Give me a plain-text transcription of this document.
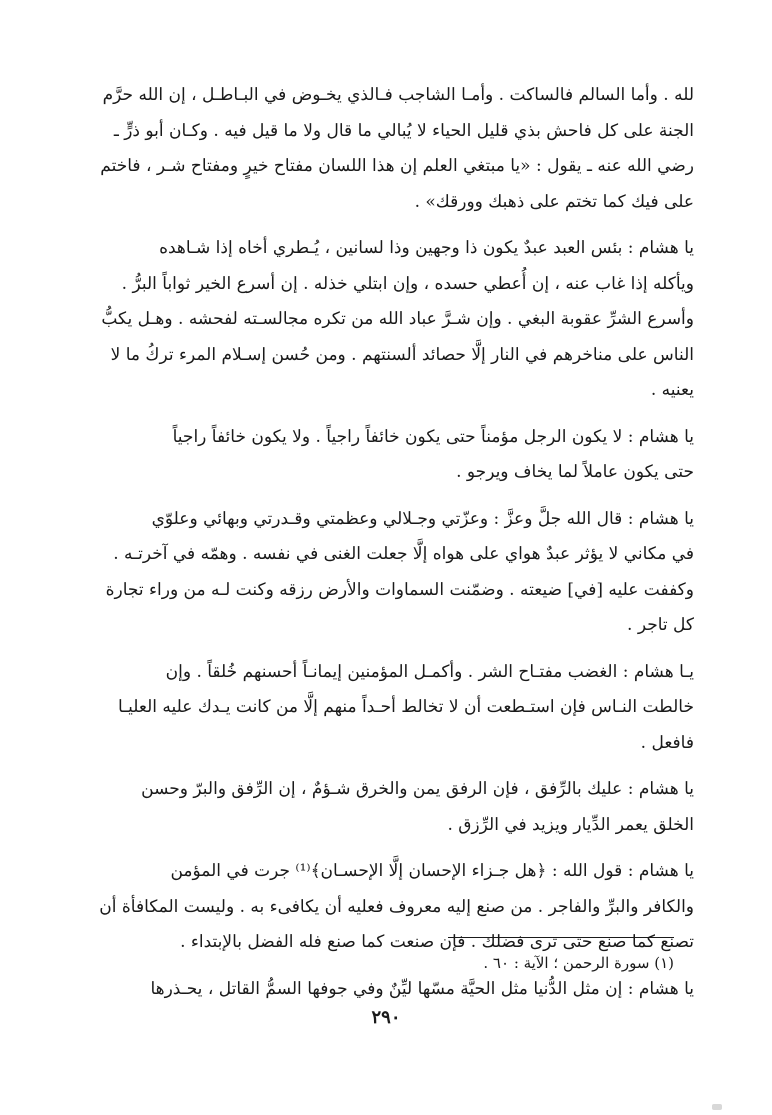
لله . وأما السالم فالساكت . وأمـا الشاجب فـالذي يخـوض في البـاطـل ، إن الله حرَّم
الجنة على كل فاحش بذي قليل الحياء لا يُبالي ما قال ولا ما قيل فيه . وكـان أبو ذرٍّ ـ
رضي الله عنه ـ يقول : «يا مبتغي العلم إن هذا اللسان مفتاح خيرٍ ومفتاح شـر ، فاختم
على فيك كما تختم على ذهبك وورقك» .

يا هشام : بئس العبد عبدٌ يكون ذا وجهين وذا لسانين ، يُـطري أخاه إذا شـاهده
ويأكله إذا غاب عنه ، إن أُعطي حسده ، وإن ابتلي خذله . إن أسرع الخير ثواباً البرُّ .
وأسرع الشرِّ عقوبة البغي . وإن شـرَّ عباد الله من تكره مجالسـته لفحشه . وهـل يكبُّ
الناس على مناخرهم في النار إلَّا حصائد ألسنتهم . ومن حُسن إسـلام المرء تركُ ما لا
يعنيه .

يا هشام : لا يكون الرجل مؤمناً حتى يكون خائفاً راجياً . ولا يكون خائفاً راجياً
حتى يكون عاملاً لما يخاف ويرجو .

يا هشام : قال الله جلَّ وعزَّ : وعزّتي وجـلالي وعظمتي وقـدرتي وبهائي وعلوّي
في مكاني لا يؤثر عبدٌ هواي على هواه إلَّا جعلت الغنى في نفسه . وهمّه في آخرتـه .
وكففت عليه [في] ضيعته . وضمّنت السماوات والأرض رزقه وكنت لـه من وراء تجارة
كل تاجر .

يـا هشام : الغضب مفتـاح الشر . وأكمـل المؤمنين إيمانـاً أحسنهم خُلقاً . وإن
خالطت النـاس فإن استـطعت أن لا تخالط أحـداً منهم إلَّا من كانت يـدك عليه العليـا
فافعل .

يا هشام : عليك بالرِّفق ، فإن الرفق يمن والخرق شـؤمٌ ، إن الرِّفق والبرّ وحسن
الخلق يعمر الدِّيار ويزيد في الرِّزق .

يا هشام : قول الله : ﴿هل جـزاء الإحسان إلَّا الإحسـان﴾⁽¹⁾ جرت في المؤمن
والكافر والبرِّ والفاجر . من صنع إليه معروف فعليه أن يكافىء به . وليست المكافأة أن
تصنع كما صنع حتى ترى فضلك . فإن صنعت كما صنع فله الفضل بالإبتداء .

يا هشام : إن مثل الدُّنيا مثل الحيَّة مسّها ليِّنٌ وفي جوفها السمُّ القاتل ، يحـذرها

(١) سورة الرحمن ؛ الآية : ٦٠ .
٢٩٠
